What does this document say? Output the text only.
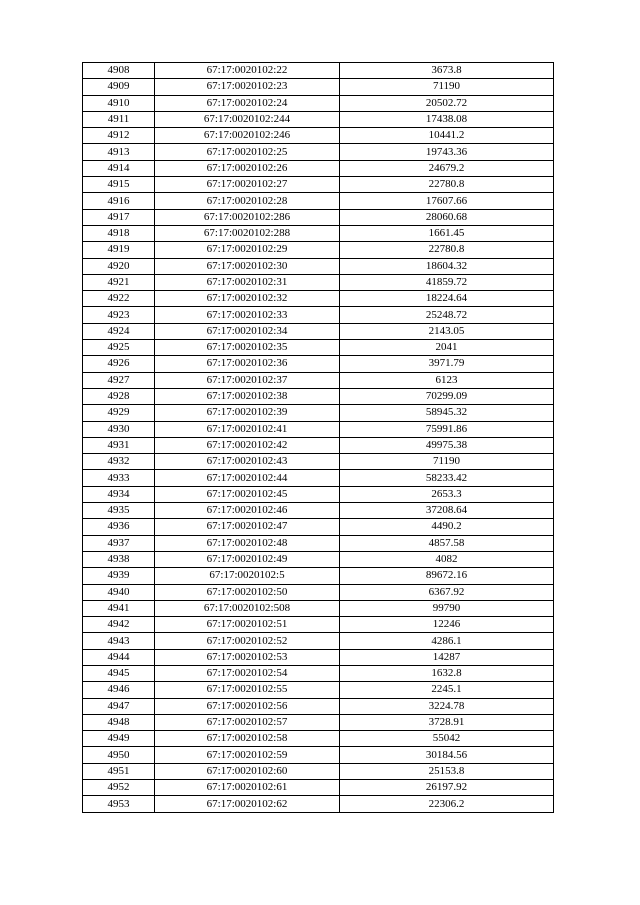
4908	67:17:0020102:22	3673.8
4909	67:17:0020102:23	71190
4910	67:17:0020102:24	20502.72
4911	67:17:0020102:244	17438.08
4912	67:17:0020102:246	10441.2
4913	67:17:0020102:25	19743.36
4914	67:17:0020102:26	24679.2
4915	67:17:0020102:27	22780.8
4916	67:17:0020102:28	17607.66
4917	67:17:0020102:286	28060.68
4918	67:17:0020102:288	1661.45
4919	67:17:0020102:29	22780.8
4920	67:17:0020102:30	18604.32
4921	67:17:0020102:31	41859.72
4922	67:17:0020102:32	18224.64
4923	67:17:0020102:33	25248.72
4924	67:17:0020102:34	2143.05
4925	67:17:0020102:35	2041
4926	67:17:0020102:36	3971.79
4927	67:17:0020102:37	6123
4928	67:17:0020102:38	70299.09
4929	67:17:0020102:39	58945.32
4930	67:17:0020102:41	75991.86
4931	67:17:0020102:42	49975.38
4932	67:17:0020102:43	71190
4933	67:17:0020102:44	58233.42
4934	67:17:0020102:45	2653.3
4935	67:17:0020102:46	37208.64
4936	67:17:0020102:47	4490.2
4937	67:17:0020102:48	4857.58
4938	67:17:0020102:49	4082
4939	67:17:0020102:5	89672.16
4940	67:17:0020102:50	6367.92
4941	67:17:0020102:508	99790
4942	67:17:0020102:51	12246
4943	67:17:0020102:52	4286.1
4944	67:17:0020102:53	14287
4945	67:17:0020102:54	1632.8
4946	67:17:0020102:55	2245.1
4947	67:17:0020102:56	3224.78
4948	67:17:0020102:57	3728.91
4949	67:17:0020102:58	55042
4950	67:17:0020102:59	30184.56
4951	67:17:0020102:60	25153.8
4952	67:17:0020102:61	26197.92
4953	67:17:0020102:62	22306.2
